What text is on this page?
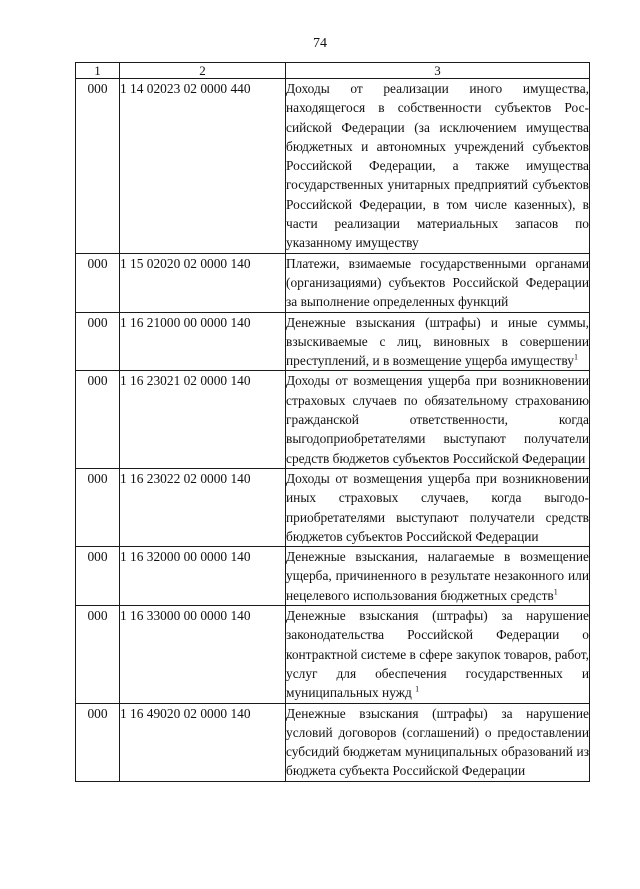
74
1	2	3
000	1 14 02023 02 0000 440	Доходы от реализации иного имущества, находящегося в собственности субъектов Российской Федерации (за исключением имущества бюджетных и автономных учреждений субъектов Российской Федерации, а также имущества государственных унитарных предприятий субъектов Российской Федерации, в том числе казенных), в части реализации материальных запасов по указанному имуществу
000	1 15 02020 02 0000 140	Платежи, взимаемые государственными органами (организациями) субъектов Российской Федерации за выполнение определенных функций
000	1 16 21000 00 0000 140	Денежные взыскания (штрафы) и иные суммы, взыскиваемые с лиц, виновных в совершении преступлений, и в возмещение ущерба имуществу$^1$
000	1 16 23021 02 0000 140	Доходы от возмещения ущерба при возникновении страховых случаев по обязательному страхованию гражданской ответственности, когда выгодоприобретателями выступают получатели средств бюджетов субъектов Российской Федерации
000	1 16 23022 02 0000 140	Доходы от возмещения ущерба при возникновении иных страховых случаев, когда выгодоприобретателями выступают получатели средств бюджетов субъектов Российской Федерации
000	1 16 32000 00 0000 140	Денежные взыскания, налагаемые в возмещение ущерба, причиненного в результате незаконного или нецелевого использования бюджетных средств$^1$
000	1 16 33000 00 0000 140	Денежные взыскания (штрафы) за нарушение законодательства Российской Федерации о контрактной системе в сфере закупок товаров, работ, услуг для обеспечения государственных и муниципальных нужд $^1$
000	1 16 49020 02 0000 140	Денежные взыскания (штрафы) за нарушение условий договоров (соглашений) о предоставлении субсидий бюджетам муниципальных образований из бюджета субъекта Российской Федерации
